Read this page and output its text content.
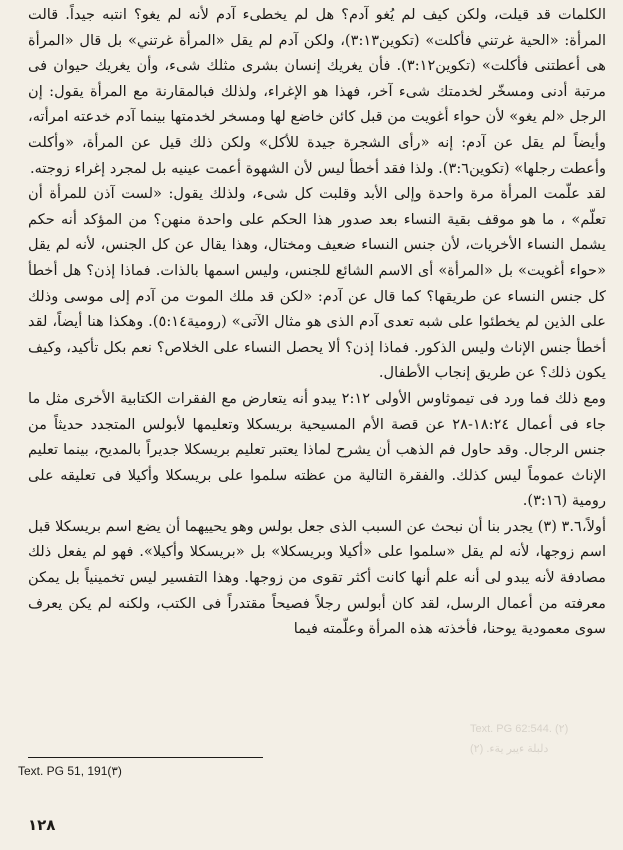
الكلمات قد قيلت، ولكن كيف لم يُغو آدم؟ هل لم يخطىء آدم لأنه لم يغو؟ انتبه جيداً. قالت المرأة: «الحية غرتني فأكلت» (تكوين٣:١٣)، ولكن آدم لم يقل «المرأة غرتني» بل قال «المرأة هى أعطتنى فأكلت» (تكوين٣:١٢). فأن يغريك إنسان بشرى مثلك شىء، وأن يغريك حيوان فى مرتبة أدنى ومسخّر لخدمتك شىء آخر، فهذا هو الإغراء، ولذلك فبالمقارنة مع المرأة يقول: إن الرجل «لم يغو» لأن حواء أغويت من قبل كائن خاضع لها ومسخر لخدمتها بينما آدم خدعته امرأته، وأيضاً لم يقل عن آدم: إنه «رأى الشجرة جيدة للأكل» ولكن ذلك قيل عن المرأة، «وأكلت وأعطت رجلها» (تكوين٣:٦). ولذا فقد أخطأ ليس لأن الشهوة أعمت عينيه بل لمجرد إغراء زوجته.

لقد علّمت المرأة مرة واحدة وإلى الأبد وقلبت كل شىء، ولذلك يقول: «لست آذن للمرأة أن تعلّم» ، ما هو موقف بقية النساء بعد صدور هذا الحكم على واحدة منهن؟ من المؤكد أنه حكم يشمل النساء الأخريات، لأن جنس النساء ضعيف ومختال، وهذا يقال عن كل الجنس، لأنه لم يقل «حواء أغويت» بل «المرأة» أى الاسم الشائع للجنس، وليس اسمها بالذات. فماذا إذن؟ هل أخطأ كل جنس النساء عن طريقها؟ كما قال عن آدم: «لكن قد ملك الموت من آدم إلى موسى وذلك على الذين لم يخطئوا على شبه تعدى آدم الذى هو مثال الآتى» (رومية٥:١٤). وهكذا هنا أيضاً، لقد أخطأ جنس الإناث وليس الذكور. فماذا إذن؟ ألا يحصل النساء على الخلاص؟ نعم بكل تأكيد، وكيف يكون ذلك؟ عن طريق إنجاب الأطفال.

ومع ذلك فما ورد فى تيموثاوس الأولى ٢:١٢ يبدو أنه يتعارض مع الفقرات الكتابية الأخرى مثل ما جاء فى أعمال ١٨:٢٤-٢٨ عن قصة الأم المسيحية بريسكلا وتعليمها لأبولس المتجدد حديثاً من جنس الرجال. وقد حاول فم الذهب أن يشرح لماذا يعتبر تعليم بريسكلا جديراً بالمديح، بينما تعليم الإناث عموماً ليس كذلك. والفقرة التالية من عظته سلموا على بريسكلا وأكيلا فى تعليقه على رومية (٣:١٦).

أولاً،٣.٦ (٣) يجدر بنا أن نبحث عن السبب الذى جعل بولس وهو يحييهما أن يضع اسم بريسكلا قبل اسم زوجها، لأنه لم يقل «سلموا على «أكيلا وبريسكلا» بل «بريسكلا وأكيلا». فهو لم يفعل ذلك مصادفة لأنه يبدو لى أنه علم أنها كانت أكثر تقوى من زوجها. وهذا التفسير ليس تخمينياً بل يمكن معرفته من أعمال الرسل، لقد كان أبولس رجلاً فصيحاً مقتدراً فى الكتب، ولكنه لم يكن يعرف سوى معمودية يوحنا، فأخذته هذه المرأة وعلّمته فيما

Text. PG 62:544. (٢)
(٢) .دلبلة ءيبر يةء
Text. PG 51, 191(٣)
١٢٨
